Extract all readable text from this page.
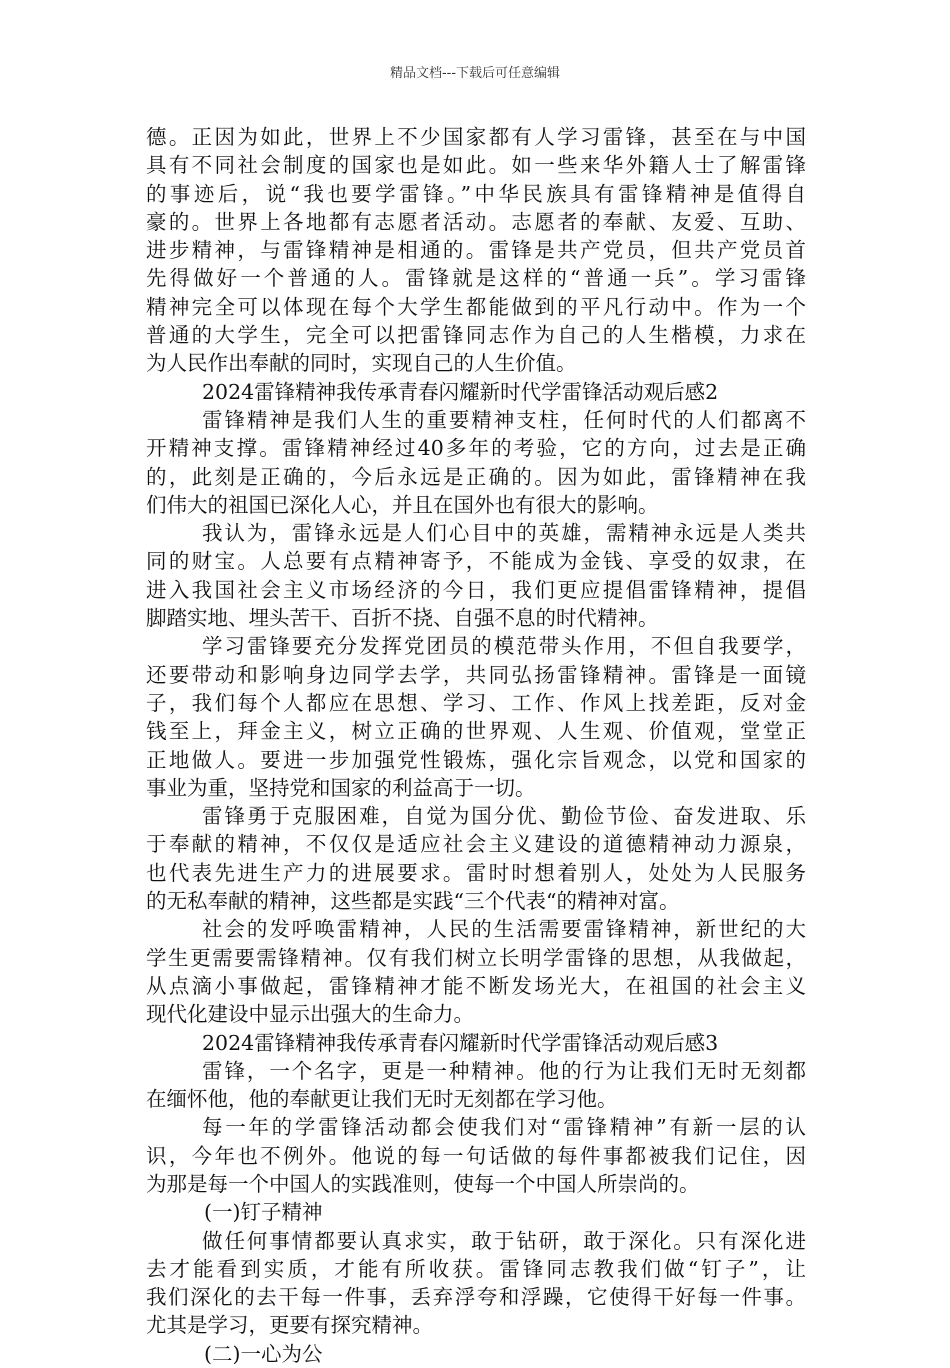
精品文档---下载后可任意编辑
德。正因为如此，世界上不少国家都有人学习雷锋，甚至在与中国
具有不同社会制度的国家也是如此。如一些来华外籍人士了解雷锋
的事迹后，说“我也要学雷锋。”中华民族具有雷锋精神是值得自
豪的。世界上各地都有志愿者活动。志愿者的奉献、友爱、互助、
进步精神，与雷锋精神是相通的。雷锋是共产党员，但共产党员首
先得做好一个普通的人。雷锋就是这样的“普通一兵”。学习雷锋
精神完全可以体现在每个大学生都能做到的平凡行动中。作为一个
普通的大学生，完全可以把雷锋同志作为自己的人生楷模，力求在
为人民作出奉献的同时，实现自己的人生价值。
2024雷锋精神我传承青春闪耀新时代学雷锋活动观后感2
雷锋精神是我们人生的重要精神支柱，任何时代的人们都离不
开精神支撑。雷锋精神经过40多年的考验，它的方向，过去是正确
的，此刻是正确的，今后永远是正确的。因为如此，雷锋精神在我
们伟大的祖国已深化人心，并且在国外也有很大的影响。
我认为，雷锋永远是人们心目中的英雄，需精神永远是人类共
同的财宝。人总要有点精神寄予，不能成为金钱、享受的奴隶，在
进入我国社会主义市场经济的今日，我们更应提倡雷锋精神，提倡
脚踏实地、埋头苦干、百折不挠、自强不息的时代精神。
学习雷锋要充分发挥党团员的模范带头作用，不但自我要学，
还要带动和影响身边同学去学，共同弘扬雷锋精神。雷锋是一面镜
子，我们每个人都应在思想、学习、工作、作风上找差距，反对金
钱至上，拜金主义，树立正确的世界观、人生观、价值观，堂堂正
正地做人。要进一步加强党性锻炼，强化宗旨观念，以党和国家的
事业为重，坚持党和国家的利益高于一切。
雷锋勇于克服困难，自觉为国分优、勤俭节俭、奋发进取、乐
于奉献的精神，不仅仅是适应社会主义建设的道德精神动力源泉，
也代表先进生产力的进展要求。雷时时想着别人，处处为人民服务
的无私奉献的精神，这些都是实践“三个代表“的精神对富。
社会的发呼唤雷精神，人民的生活需要雷锋精神，新世纪的大
学生更需要需锋精神。仅有我们树立长明学雷锋的思想，从我做起，
从点滴小事做起，雷锋精神才能不断发场光大，在祖国的社会主义
现代化建设中显示出强大的生命力。
2024雷锋精神我传承青春闪耀新时代学雷锋活动观后感3
雷锋，一个名字，更是一种精神。他的行为让我们无时无刻都
在缅怀他，他的奉献更让我们无时无刻都在学习他。
每一年的学雷锋活动都会使我们对“雷锋精神”有新一层的认
识，今年也不例外。他说的每一句话做的每件事都被我们记住，因
为那是每一个中国人的实践准则，使每一个中国人所崇尚的。
(一)钉子精神
做任何事情都要认真求实，敢于钻研，敢于深化。只有深化进
去才能看到实质，才能有所收获。雷锋同志教我们做“钉子”，让
我们深化的去干每一件事，丢弃浮夸和浮躁，它使得干好每一件事。
尤其是学习，更要有探究精神。
(二)一心为公
